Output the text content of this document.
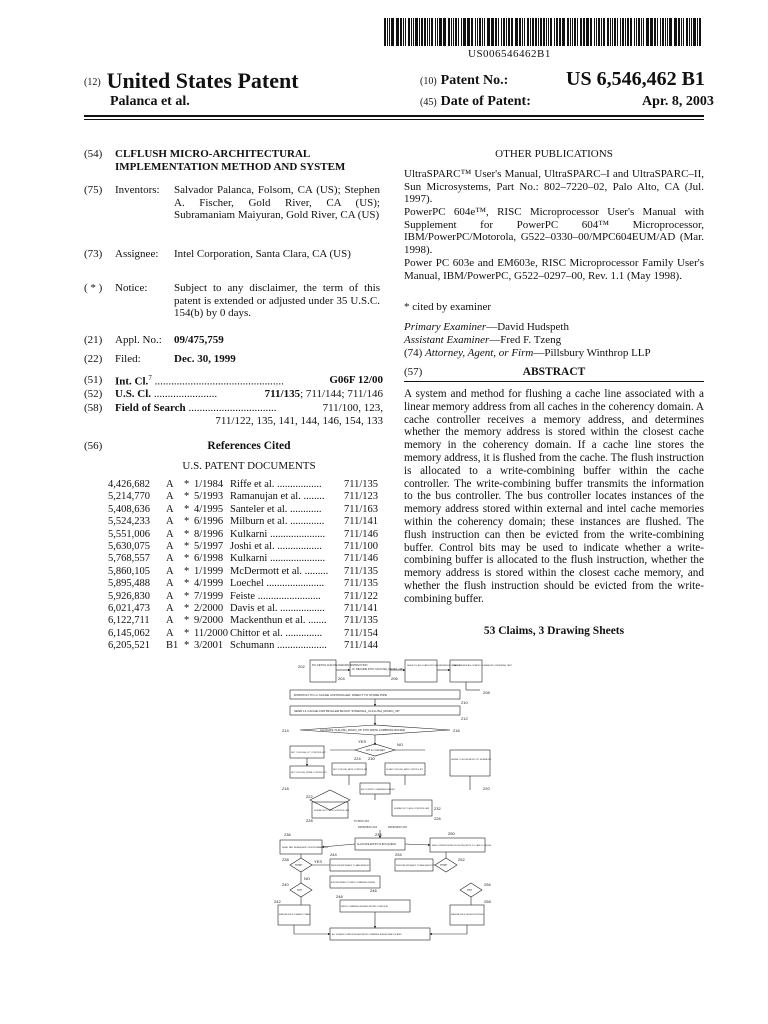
US006546462B1
(12) United States Patent
Palanca et al.
(10) Patent No.:	US 6,546,462 B1
(45) Date of Patent:	Apr. 8, 2003
(54)	CLFLUSH MICRO-ARCHITECTURAL IMPLEMENTATION METHOD AND SYSTEM
(75)	Inventors: Salvador Palanca, Folsom, CA (US); Stephen A. Fischer, Gold River, CA (US); Subramaniam Maiyuran, Gold River, CA (US)
(73)	Assignee: Intel Corporation, Santa Clara, CA (US)
( * )	Notice: Subject to any disclaimer, the term of this patent is extended or adjusted under 35 U.S.C. 154(b) by 0 days.
(21)	Appl. No.: 09/475,759
(22)	Filed:	Dec. 30, 1999
(51)	Int. Cl.$^7$ ...............................................	G06F 12/00
(52)	U.S. Cl. .......................	711/135; 711/144; 711/146
(58)	Field of Search ................................	711/100, 123,
711/122, 135, 141, 144, 146, 154, 133
(56)	References Cited
U.S. PATENT DOCUMENTS
4,426,682 A * 1/1984 Riffe et al. ................. 711/135
5,214,770 A * 5/1993 Ramanujan et al. ........ 711/123
5,408,636 A * 4/1995 Santeler et al. ............ 711/163
5,524,233 A * 6/1996 Milburn et al. ............. 711/141
5,551,006 A * 8/1996 Kulkarni ..................... 711/146
5,630,075 A * 5/1997 Joshi et al. ................. 711/100
5,768,557 A * 6/1998 Kulkarni ..................... 711/146
5,860,105 A * 1/1999 McDermott et al. ......... 711/135
5,895,488 A * 4/1999 Loechel ...................... 711/135
5,926,830 A * 7/1999 Feiste ........................ 711/122
6,021,473 A * 2/2000 Davis et al. ................. 711/141
6,122,711 A * 9/2000 Mackenthun et al. ....... 711/135
6,145,062 A * 11/2000 Chittor et al. .............. 711/154
6,205,521 B1 * 3/2001 Schumann ................... 711/144
OTHER PUBLICATIONS
UltraSPARC™ User's Manual, UltraSPARC–I and UltraSPARC–II, Sun Microsystems, Part No.: 802–7220–02, Palo Alto, CA (Jul. 1997).
PowerPC 604e™, RISC Microprocessor User's Manual with Supplement for PowerPC 604™ Microprocessor, IBM/PowerPC/Motorola, G522–0330–00/MPC604EUM/AD (Mar. 1998).
Power PC 603e and EM603e, RISC Microprocessor Family User's Manual, IBM/PowerPC, G522–0297–00, Rev. 1.1 (May 1998).
* cited by examiner
Primary Examiner—David Hudspeth
Assistant Examiner—Fred F. Tzeng
(74) Attorney, Agent, or Firm—Pillsbury Winthrop LLP
(57)	ABSTRACT
A system and method for flushing a cache line associated with a linear memory address from all caches in the coherency domain. A cache controller receives a memory address, and determines whether the memory address is stored within the closest cache memory in the coherency domain. If a cache line stores the memory address, it is flushed from the cache. The flush instruction is allocated to a write-combining buffer within the cache controller. The write-combining buffer transmits the information to the bus controller. The bus controller locates instances of the memory address stored within external and intel cache memories within the coherency domain; these instances are flushed. The flush instruction can then be evicted from the write-combining buffer. Control bits may be used to indicate whether a write-combining buffer is allocated to the flush instruction, whether the memory address is stored within the closest cache memory, and whether the flush instruction should be evicted from the write-combining buffer.
53 Claims, 3 Drawing Sheets
202
204	206
208
210
212
214	216
218	220
222
224
226
228
230
232
PLI: FETCH CLFLUSH MACRO INSTRUCTION
IC: DECODE INTO 'CLFLUSH_MICRO_OP'
ISSUE TO ALLOCATE INTO RESERVATION STATION
LOAD BUFFER ALLOCATED IN MEMORY ORDERING UNIT
DISPATCH TO L1 CACHE CONTROLLER, DIRECT TO STORE PIPE
SEND L1 CACHE CONTROLLER BLOCK 'INTERNAL_CLFLUSH_MICRO_OP'
ALLOCATE 'CLFLUSH_MICRO_OP' INTO WRITE COMBINING BUFFER
HIT L1 CACHE?
SET 'CLFLUSH_LP' CONTROL BIT
SET 'CLFLUSH_PRIME' CONTROL BIT
SET 'CLFLUSH_MISS' CONTROL BIT	CLEAR 'CLFLUSH_MISS' CONTROL BIT
DEFINE 'CLFLUSH MICRO OP' IN MEMORY
EVICT WRITE COMBINING BUFFER
DISPATCH TO BUS CONTROLLER
DISPATCH TO BUS CONTROLLER
TO BOX 234
YES
NO
FROM BOX 224	FROM BOX 232
236	234	250
238
240
242
244
246
248
252
254
256
258
SEND 'BRL INVALIDATE' ON EXTERNAL BUS
ALLOCATE ENTRY IN BUS QUEUE	SEND CORRESPONDING 'FLUSH' REQUESTS TO L1 AND L2 CACHES
HITM?
HIT?
HITM?
HIT?
PERFORM WRITEBACK TO MAIN MEMORY	PERFORM WRITEBACK TO MAIN MEMORY
BUS RETURNED TO WRITE COMBINING BUFFER
INVALIDATE LINE IN COHERENCY DOMAIN	INVALIDATE LINE IN CACHES IN PROCESSOR
WRITE COMBINING BUFFER WRITES COMPLETE
ALL FLUSHES COMPLETED AND WRITE COMBINING BUFFER DEALLOCATED
YES
NO
